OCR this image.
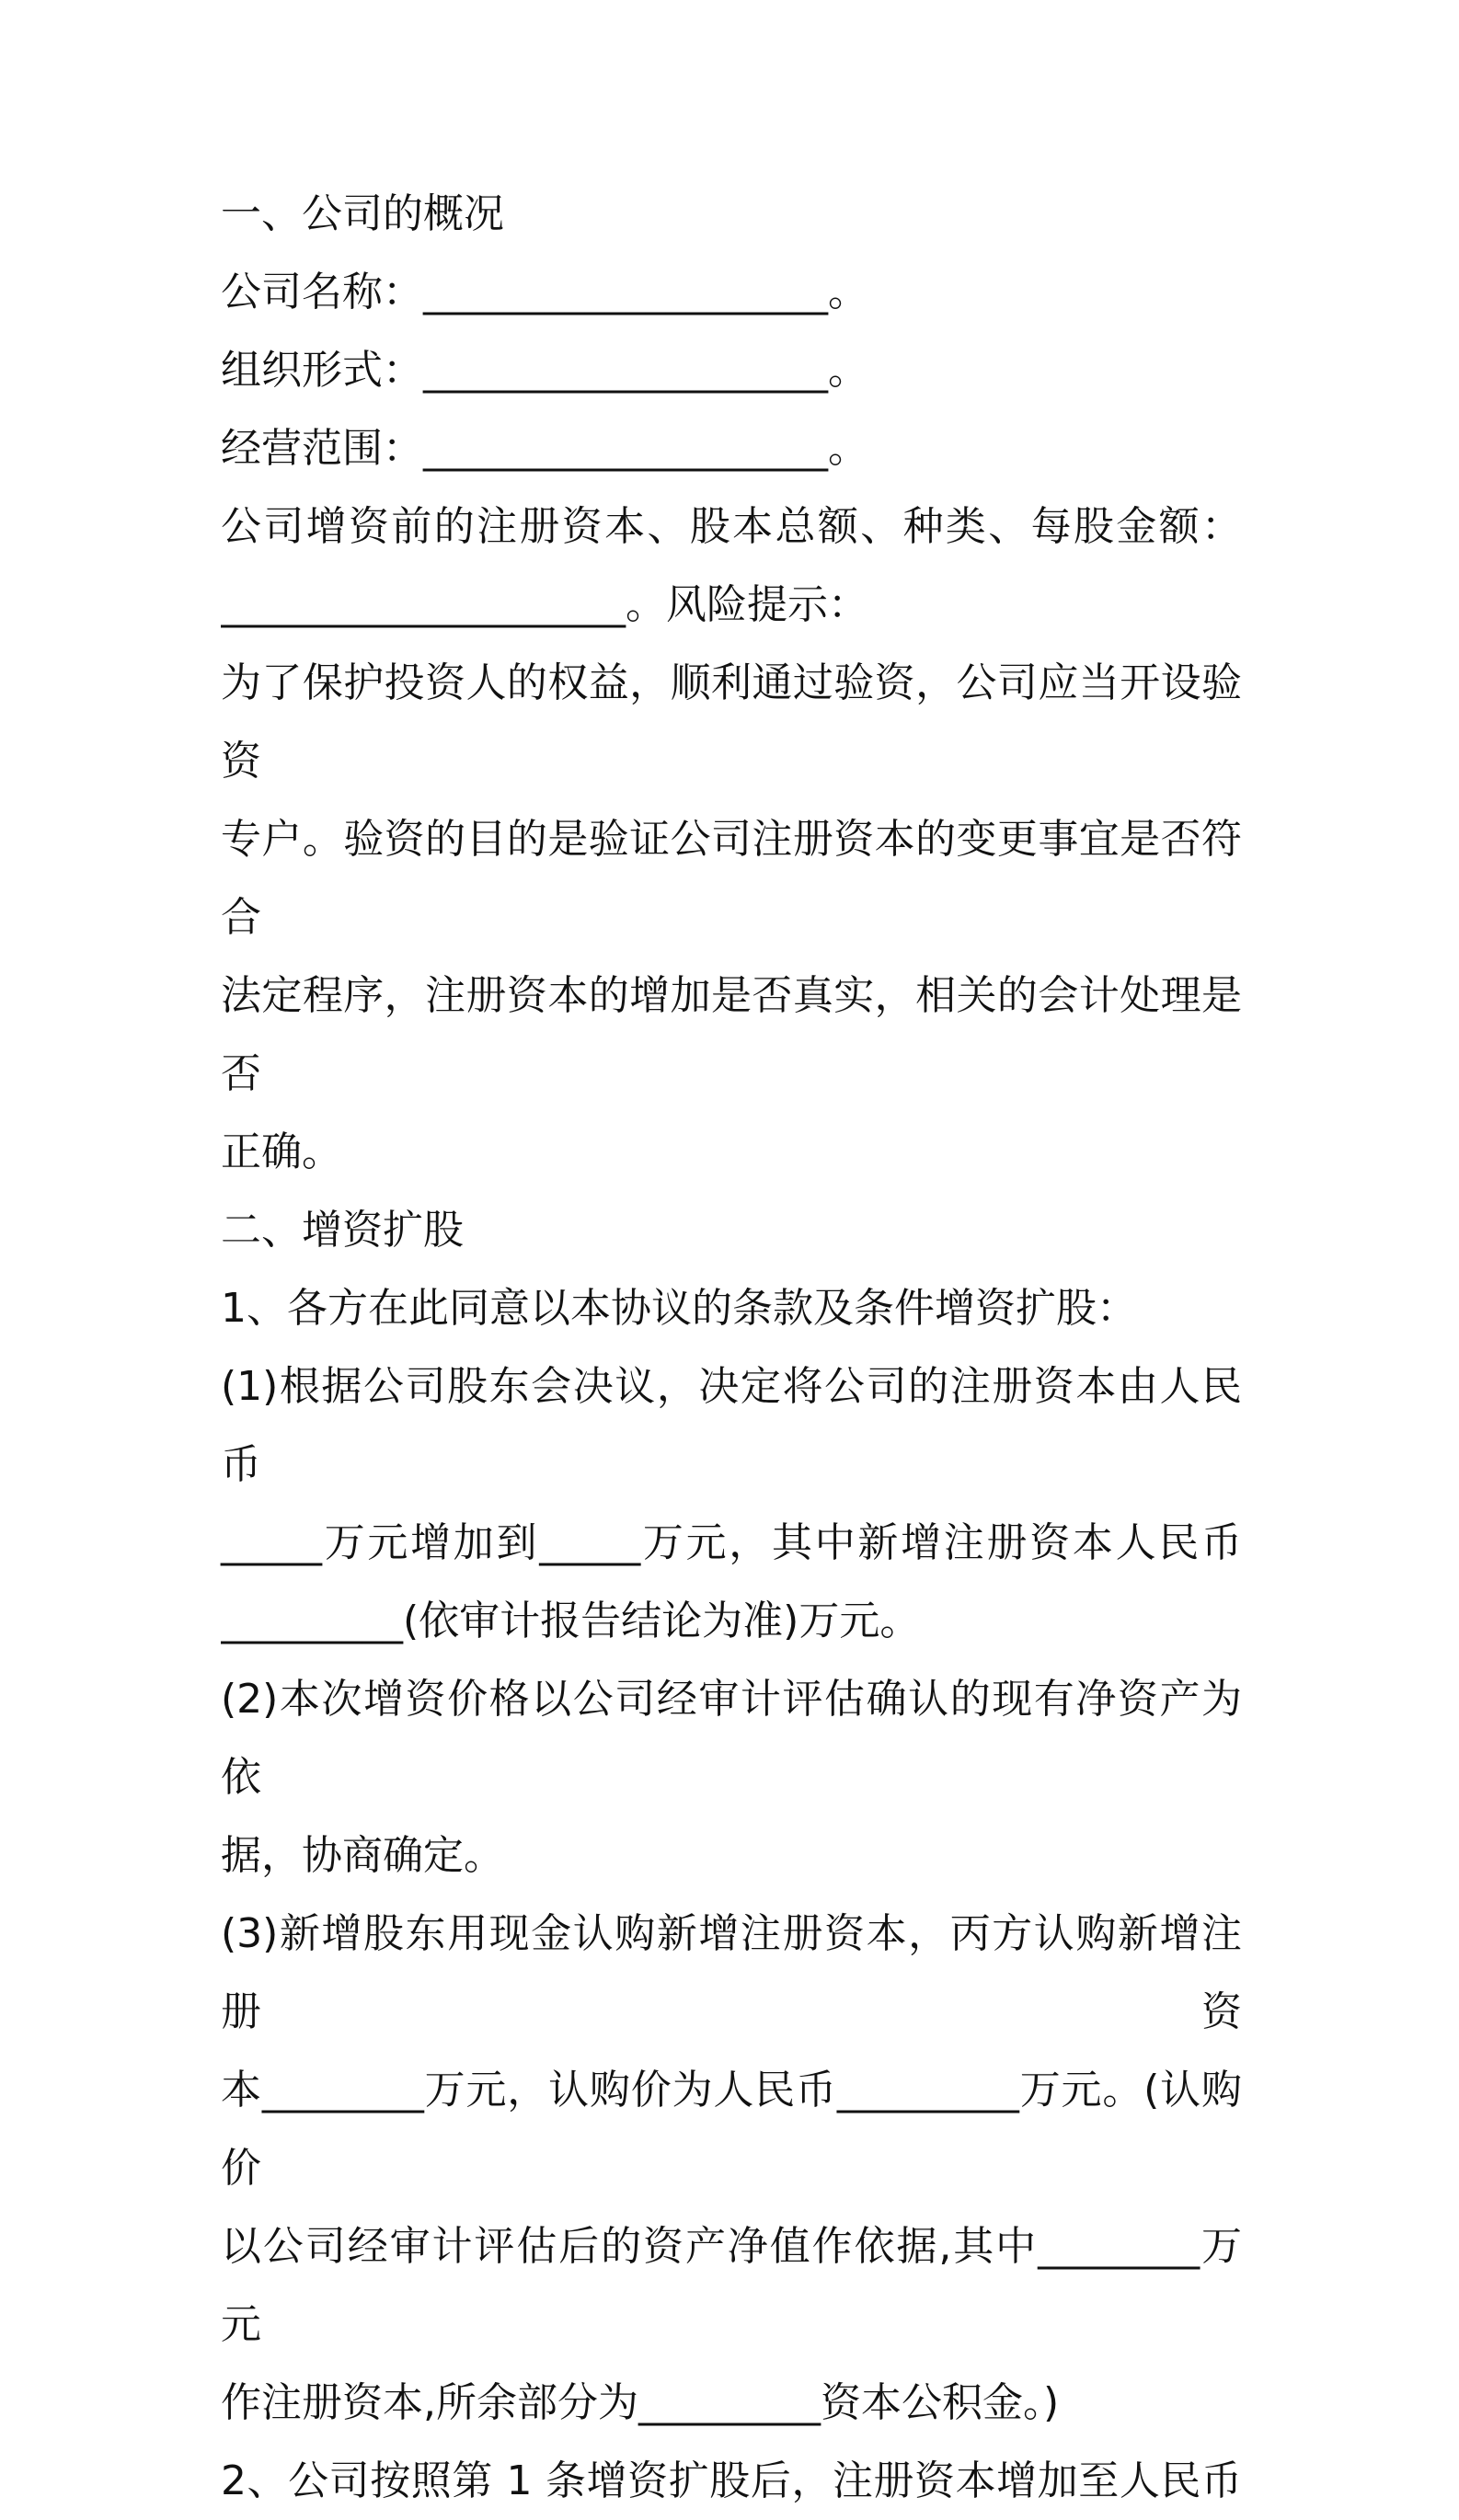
一、公司的概况
公司名称：____________________。
组织形式：____________________。
经营范围：____________________。
公司增资前的注册资本、股本总额、种类、每股金额：
____________________。风险提示：
为了保护投资人的权益，顺利通过验资，公司应当开设验资
专户。验资的目的是验证公司注册资本的变更事宜是否符合
法定程序，注册资本的增加是否真实，相关的会计处理是否
正确。
二、增资扩股
1、各方在此同意以本协议的条款及条件增资扩股：
(1)根据公司股东会决议，决定将公司的注册资本由人民币
_____万元增加到_____万元，其中新增注册资本人民币
_________(依审计报告结论为准)万元。
(2)本次增资价格以公司经审计评估确认的现有净资产为依
据，协商确定。
(3)新增股东用现金认购新增注册资本，丙方认购新增注册资
本________万元，认购价为人民币_________万元。(认购价
以公司经审计评估后的资产净值作依据,其中________万元
作注册资本,所余部分为_________资本公积金。)
2、公司按照第 1 条增资扩股后，注册资本增加至人民币
